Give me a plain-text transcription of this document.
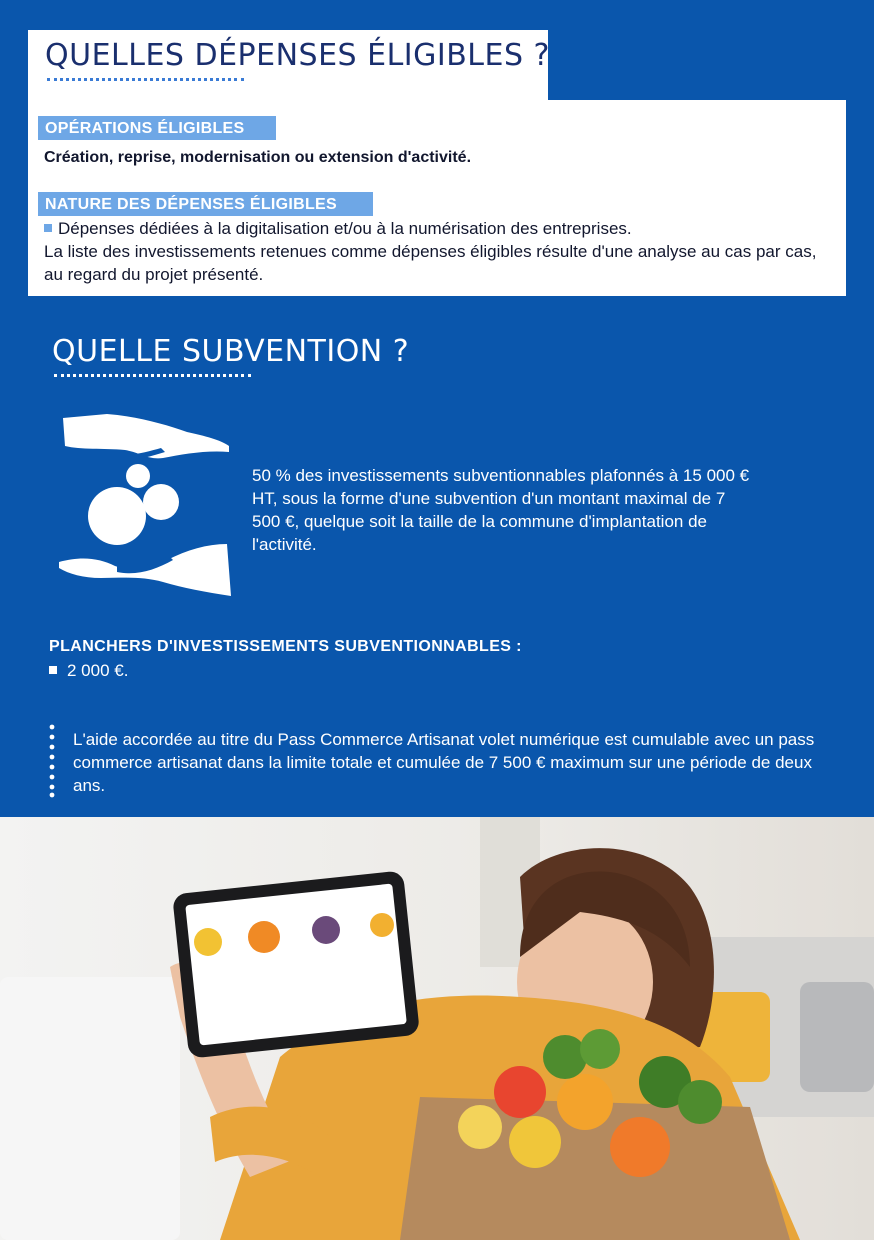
QUELLES DÉPENSES ÉLIGIBLES ?
OPÉRATIONS ÉLIGIBLES
Création, reprise, modernisation ou extension d'activité.
NATURE DES DÉPENSES ÉLIGIBLES
Dépenses dédiées à la digitalisation et/ou à la numérisation des entreprises.
La liste des investissements retenues comme dépenses éligibles résulte d'une analyse au cas par cas, au regard du projet présenté.
QUELLE SUBVENTION ?
50 % des investissements subventionnables plafonnés à 15 000 € HT, sous la forme d'une subvention d'un montant maximal de 7 500 €, quelque soit la taille de la commune d'implantation de l'activité.
PLANCHERS D'INVESTISSEMENTS SUBVENTIONNABLES :
2 000 €.
L'aide accordée au titre du Pass Commerce Artisanat volet numérique est cumulable avec un pass commerce artisanat dans la limite totale et cumulée de 7 500 € maximum sur une période de deux ans.
